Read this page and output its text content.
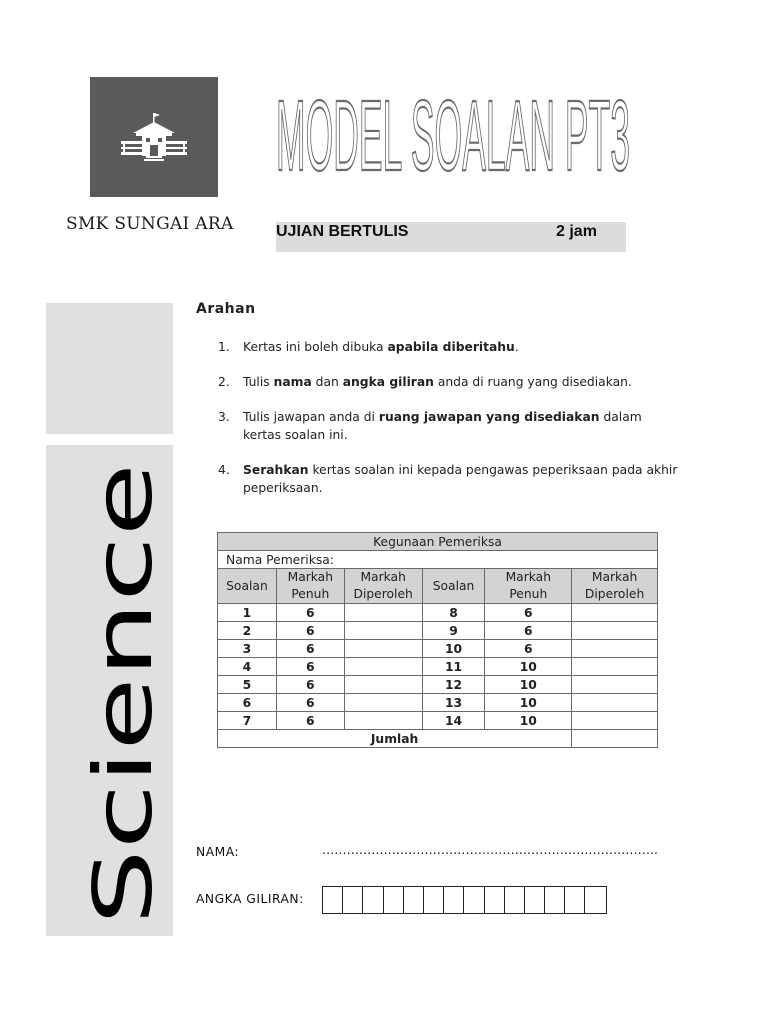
MODEL SOALAN PT3
SMK SUNGAI ARA	UJIAN BERTULIS	2 jam
Science
Arahan
1. Kertas ini boleh dibuka apabila diberitahu.
2. Tulis nama dan angka giliran anda di ruang yang disediakan.
3. Tulis jawapan anda di ruang jawapan yang disediakan dalam kertas soalan ini.
4. Serahkan kertas soalan ini kepada pengawas peperiksaan pada akhir peperiksaan.
Kegunaan Pemeriksa					
Nama Pemeriksa:					
Soalan	Markah Penuh	Markah Diperoleh	Soalan	Markah Penuh	Markah Diperoleh
1	6		8	6	
2	6		9	6	
3	6		10	6	
4	6		11	10	
5	6		12	10	
6	6		13	10	
7	6		14	10	
Jumlah					
NAMA:	……………………………………………………………………….
ANGKA GILIRAN:
